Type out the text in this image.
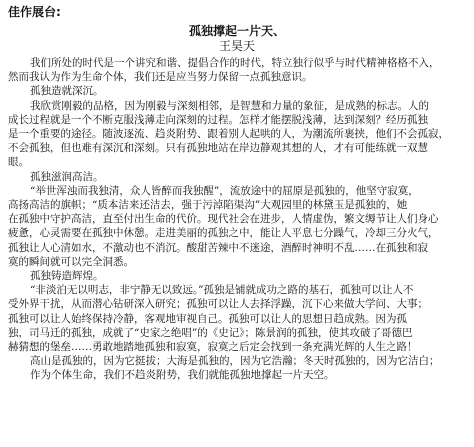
佳作展台:
孤独撑起一片天、
王昊天
我们所处的时代是一个讲究和谐、提倡合作的时代，特立独行似乎与时代精神格格不入，
然而我认为作为生命个体，我们还是应当努力保留一点孤独意识。
孤独造就深沉。
我欣赏刚毅的品格，因为刚毅与深刻相邻，是智慧和力量的象征，是成熟的标志。人的
成长过程就是一个不断克服浅薄走向深刻的过程。怎样才能摆脱浅薄，达到深刻？经历孤独
是一个重要的途径。随波逐流、趋炎附势、跟着别人起哄的人，为潮流所裹挟，他们不会孤寂，
不会孤独，但也难有深沉和深刻。只有孤独地站在岸边静观其想的人，才有可能练就一双慧
眼。
孤独滋润高洁。
“举世浑浊而我独清，众人皆醉而我独醒”，流放途中的屈原是孤独的，他坚守寂寞，
高扬高洁的旗帜；“质本洁来还洁去，强于污淖陷渠沟”大观园里的林黛玉是孤独的，她
在孤独中守护高洁，直至付出生命的代价。现代社会在进步，人情虚伪，繁文缛节让人们身心
疲惫，心灵需要在孤独中休憩。走进美丽的孤独之中，能让人平息七分躁气，冷却三分火气，
孤独让人心清如水，不激动也不消沉。酸甜苦辣中不迷途，酒醉时神明不乱……在孤独和寂
寞的瞬间就可以完全洞悉。
孤独铸造辉煌。
“非淡泊无以明志，非宁静无以致远。”孤独是铺就成功之路的基石，孤独可以让人不
受外界干扰，从而潜心钻研深入研究；孤独可以让人去择浮躁，沉下心来做大学问、大事；
孤独可以让人始终保持冷静，客观地审视自己。孤独可以让人的思想日趋成熟。因为孤
独，司马迁的孤独，成就了“史家之绝唱”的《史记》；陈景润的孤独，使其攻破了哥德巴
赫猜想的堡垒……勇敢地踏地孤独和寂寞，寂寞之后定会找到一条充满光辉的人生之路！
高山是孤独的，因为它挺拔；大海是孤独的，因为它浩瀚；冬天时孤独的，因为它洁白；
作为个体生命，我们不趋炎附势，我们就能孤独地撑起一片天空。
